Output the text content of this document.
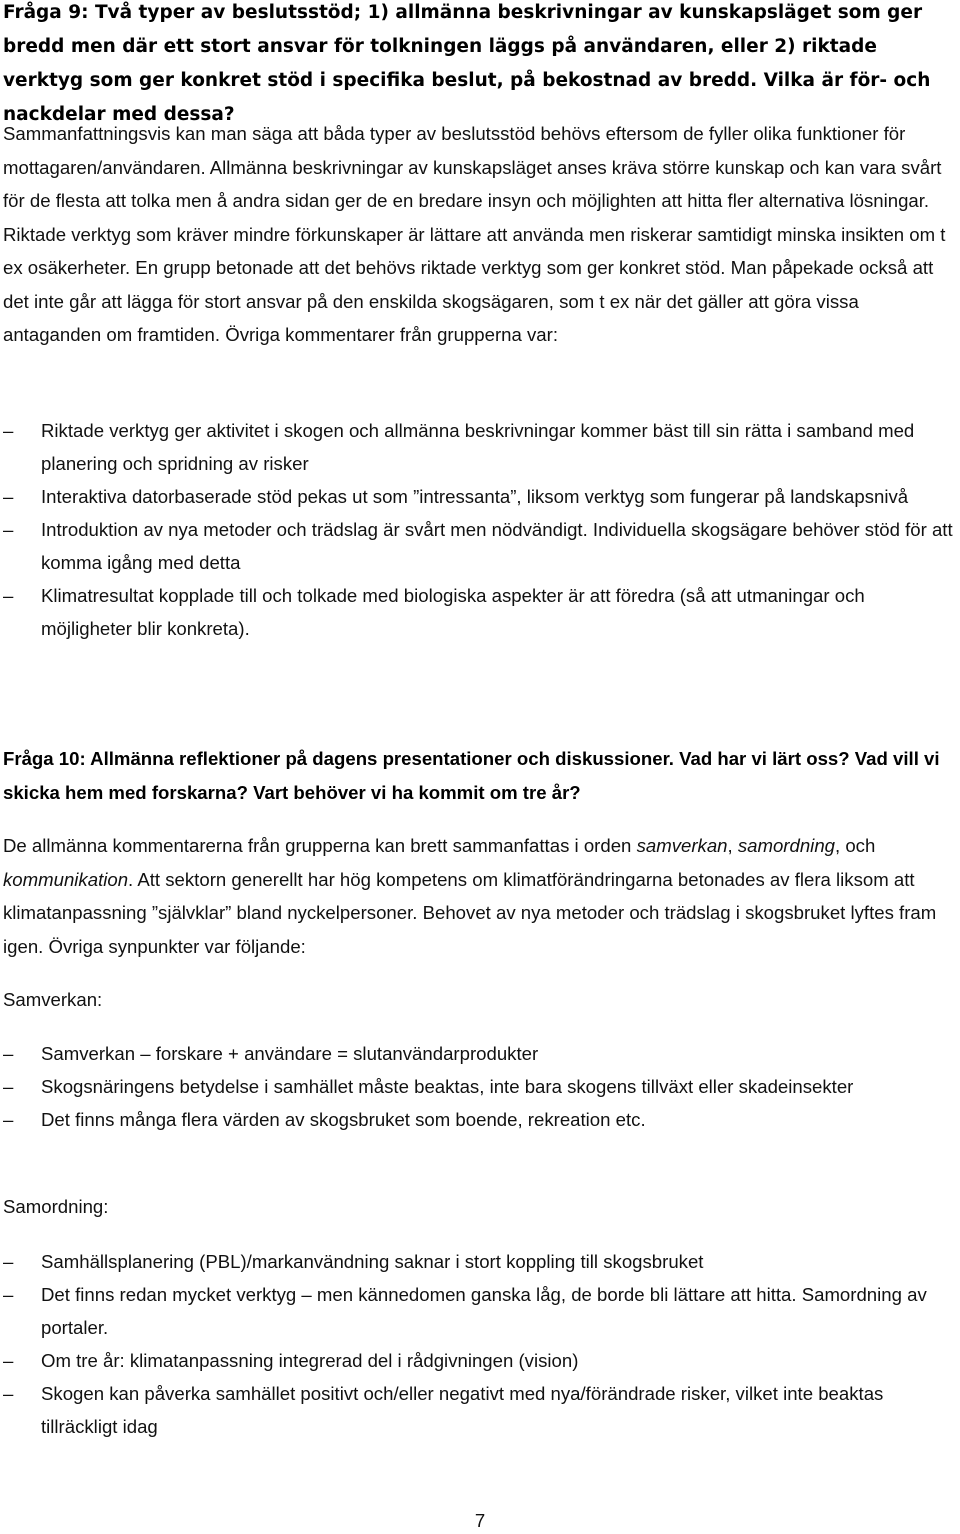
Fråga 9: Två typer av beslutsstöd; 1) allmänna beskrivningar av kunskapsläget som ger bredd men där ett stort ansvar för tolkningen läggs på användaren, eller 2) riktade verktyg som ger konkret stöd i specifika beslut, på bekostnad av bredd. Vilka är för- och nackdelar med dessa?

Sammanfattningsvis kan man säga att båda typer av beslutsstöd behövs eftersom de fyller olika funktioner för mottagaren/användaren. Allmänna beskrivningar av kunskapsläget anses kräva större kunskap och kan vara svårt för de flesta att tolka men å andra sidan ger de en bredare insyn och möjlighten att hitta fler alternativa lösningar. Riktade verktyg som kräver mindre förkunskaper är lättare att använda men riskerar samtidigt minska insikten om t ex osäkerheter. En grupp betonade att det behövs riktade verktyg som ger konkret stöd. Man påpekade också att det inte går att lägga för stort ansvar på den enskilda skogsägaren, som t ex när det gäller att göra vissa antaganden om framtiden. Övriga kommentarer från grupperna var:

–	Riktade verktyg ger aktivitet i skogen och allmänna beskrivningar kommer bäst till sin rätta i samband med planering och spridning av risker
–	Interaktiva datorbaserade stöd pekas ut som ”intressanta”, liksom verktyg som fungerar på landskapsnivå
–	Introduktion av nya metoder och trädslag är svårt men nödvändigt. Individuella skogsägare behöver stöd för att komma igång med detta
–	Klimatresultat kopplade till och tolkade med biologiska aspekter är att föredra (så att utmaningar och möjligheter blir konkreta).
Fråga 10: Allmänna reflektioner på dagens presentationer och diskussioner. Vad har vi lärt oss? Vad vill vi skicka hem med forskarna? Vart behöver vi ha kommit om tre år?

De allmänna kommentarerna från grupperna kan brett sammanfattas i orden samverkan, samordning, och kommunikation. Att sektorn generellt har hög kompetens om klimatförändringarna betonades av flera liksom att klimatanpassning ”självklar” bland nyckelpersoner. Behovet av nya metoder och trädslag i skogsbruket lyftes fram igen. Övriga synpunkter var följande:

Samverkan:
–	Samverkan – forskare + användare = slutanvändarprodukter
–	Skogsnäringens betydelse i samhället måste beaktas, inte bara skogens tillväxt eller skadeinsekter
–	Det finns många flera värden av skogsbruket som boende, rekreation etc.
Samordning:
–	Samhällsplanering (PBL)/markanvändning saknar i stort koppling till skogsbruket
–	Det finns redan mycket verktyg – men kännedomen ganska låg, de borde bli lättare att hitta. Samordning av portaler.
–	Om tre år: klimatanpassning integrerad del i rådgivningen (vision)
–	Skogen kan påverka samhället positivt och/eller negativt med nya/förändrade risker, vilket inte beaktas tillräckligt idag
7
